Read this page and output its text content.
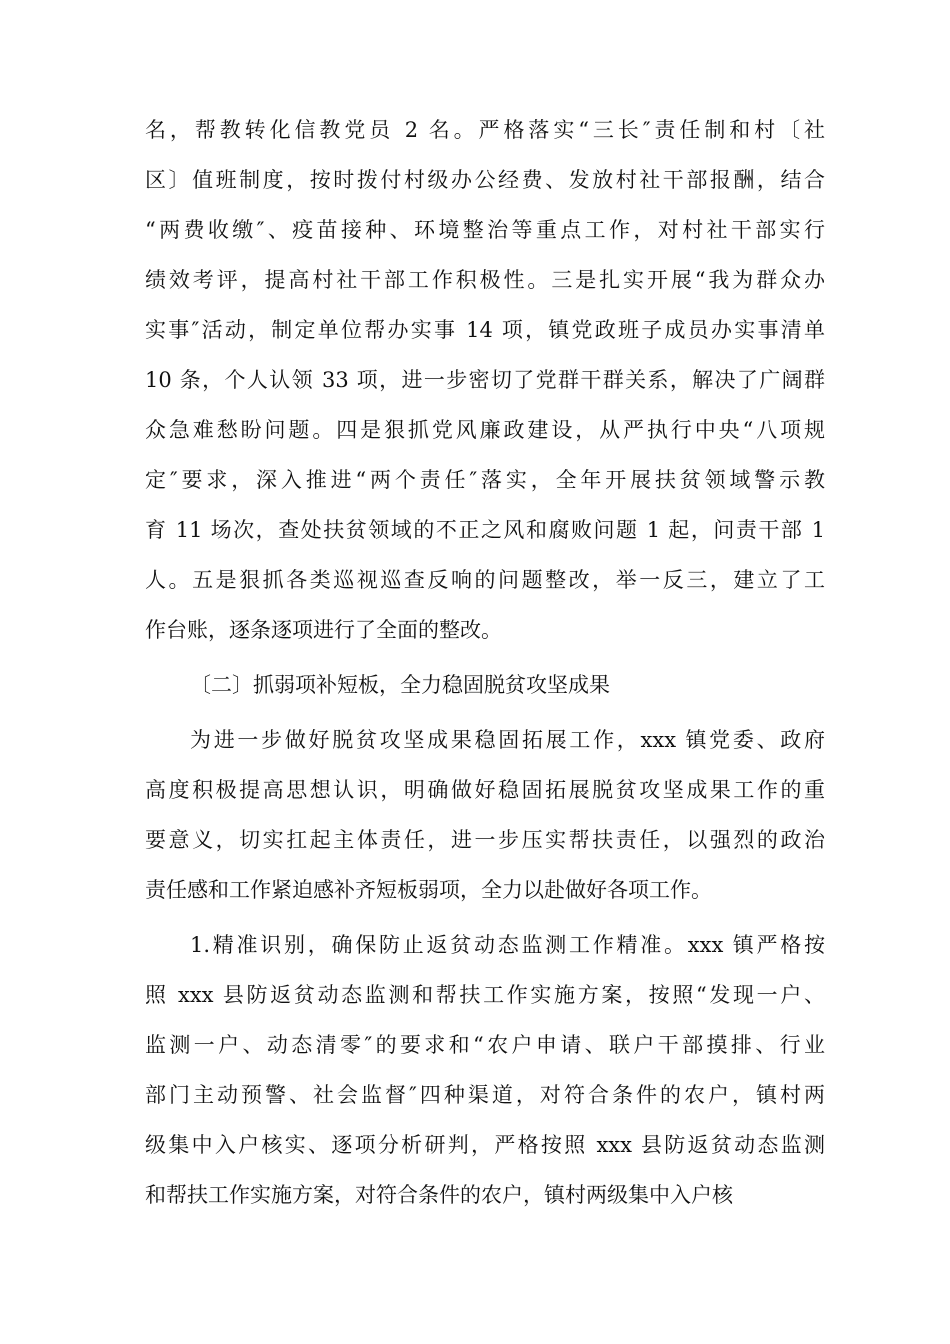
名，帮教转化信教党员 2 名。严格落实“三长″责任制和村〔社
区〕值班制度，按时拨付村级办公经费、发放村社干部报酬，结合
“两费收缴″、疫苗接种、环境整治等重点工作，对村社干部实行
绩效考评，提高村社干部工作积极性。三是扎实开展“我为群众办
实事″活动，制定单位帮办实事 14 项，镇党政班子成员办实事清单
10 条，个人认领 33 项，进一步密切了党群干群关系，解决了广阔群
众急难愁盼问题。四是狠抓党风廉政建设，从严执行中央“八项规
定″要求，深入推进“两个责任″落实，全年开展扶贫领域警示教
育 11 场次，查处扶贫领域的不正之风和腐败问题 1 起，问责干部 1
人。五是狠抓各类巡视巡查反响的问题整改，举一反三，建立了工
作台账，逐条逐项进行了全面的整改。
〔二〕抓弱项补短板，全力稳固脱贫攻坚成果
为进一步做好脱贫攻坚成果稳固拓展工作，xxx 镇党委、政府
高度积极提高思想认识，明确做好稳固拓展脱贫攻坚成果工作的重
要意义，切实扛起主体责任，进一步压实帮扶责任，以强烈的政治
责任感和工作紧迫感补齐短板弱项，全力以赴做好各项工作。
1.精准识别，确保防止返贫动态监测工作精准。xxx 镇严格按
照 xxx 县防返贫动态监测和帮扶工作实施方案，按照“发现一户、
监测一户、动态清零″的要求和“农户申请、联户干部摸排、行业
部门主动预警、社会监督″四种渠道，对符合条件的农户，镇村两
级集中入户核实、逐项分析研判，严格按照 xxx 县防返贫动态监测
和帮扶工作实施方案，对符合条件的农户，镇村两级集中入户核
